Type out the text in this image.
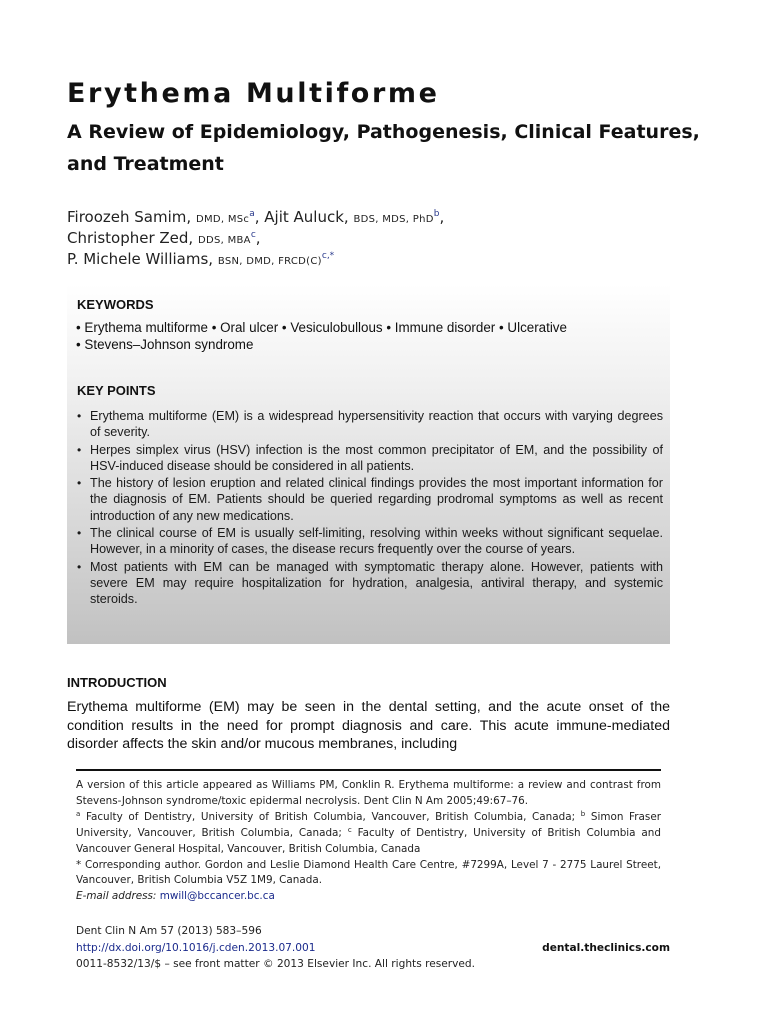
Erythema Multiforme
A Review of Epidemiology, Pathogenesis, Clinical Features, and Treatment
Firoozeh Samim, DMD, MSc$^a$, Ajit Auluck, BDS, MDS, PhD$^b$,
Christopher Zed, DDS, MBA$^c$,
P. Michele Williams, BSN, DMD, $FRCD(C)^{c,*}$
KEYWORDS
• Erythema multiforme • Oral ulcer • Vesiculobullous • Immune disorder • Ulcerative • Stevens–Johnson syndrome
KEY POINTS
• Erythema multiforme (EM) is a widespread hypersensitivity reaction that occurs with varying degrees of severity.
• Herpes simplex virus (HSV) infection is the most common precipitator of EM, and the possibility of HSV-induced disease should be considered in all patients.
• The history of lesion eruption and related clinical findings provides the most important information for the diagnosis of EM. Patients should be queried regarding prodromal symptoms as well as recent introduction of any new medications.
• The clinical course of EM is usually self-limiting, resolving within weeks without significant sequelae. However, in a minority of cases, the disease recurs frequently over the course of years.
• Most patients with EM can be managed with symptomatic therapy alone. However, patients with severe EM may require hospitalization for hydration, analgesia, antiviral therapy, and systemic steroids.
INTRODUCTION

Erythema multiforme (EM) may be seen in the dental setting, and the acute onset of the condition results in the need for prompt diagnosis and care. This acute immune-mediated disorder affects the skin and/or mucous membranes, including

A version of this article appeared as Williams PM, Conklin R. Erythema multiforme: a review and contrast from Stevens-Johnson syndrome/toxic epidermal necrolysis. Dent Clin N Am 2005;49:67–76.

$^a$ Faculty of Dentistry, University of British Columbia, Vancouver, British Columbia, Canada; $^b$ Simon Fraser University, Vancouver, British Columbia, Canada; $^c$ Faculty of Dentistry, University of British Columbia and Vancouver General Hospital, Vancouver, British Columbia, Canada

* Corresponding author. Gordon and Leslie Diamond Health Care Centre, #7299A, Level 7 - 2775 Laurel Street, Vancouver, British Columbia V5Z 1M9, Canada.

E-mail address: mwill@bccancer.bc.ca

Dent Clin N Am 57 (2013) 583–596
http://dx.doi.org/10.1016/j.cden.2013.07.001	dental.theclinics.com
0011-8532/13/$ – see front matter © 2013 Elsevier Inc. All rights reserved.
